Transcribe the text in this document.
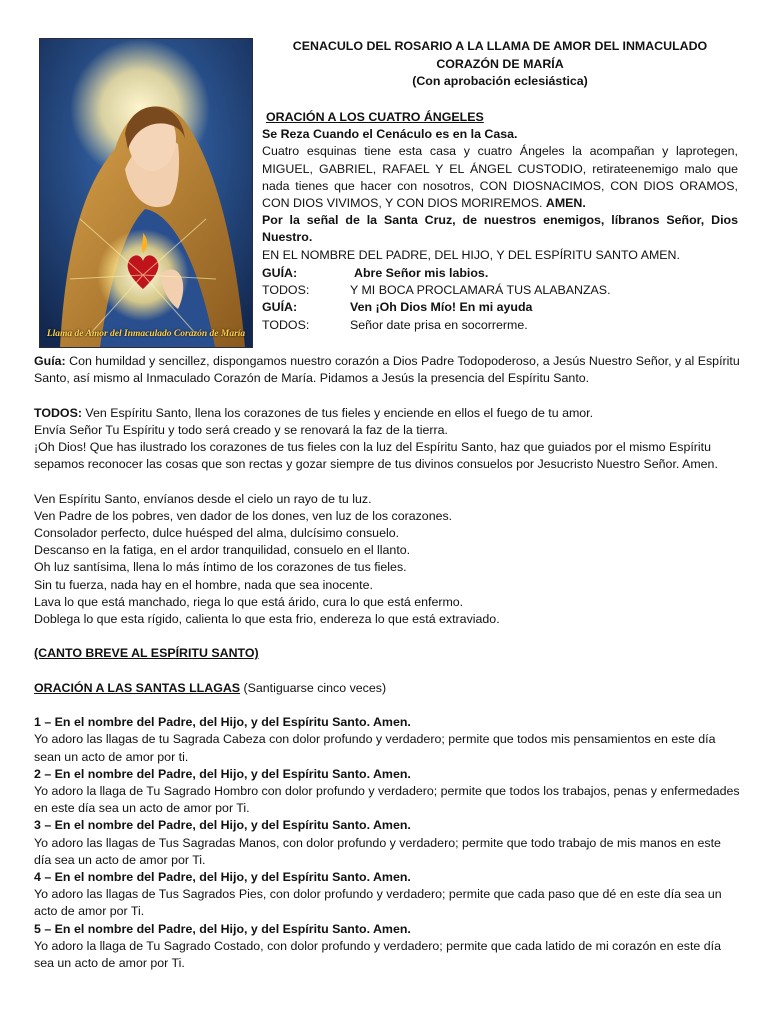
Llama de Amor del Inmaculado Corazón de María
CENACULO DEL ROSARIO A LA LLAMA DE AMOR DEL INMACULADO
CORAZÓN DE MARÍA
(Con aprobación eclesiástica)

ORACIÓN A LOS CUATRO ÁNGELES

Se Reza Cuando el Cenáculo es en la Casa.

Cuatro esquinas tiene esta casa y cuatro Ángeles la acompañan y laprotegen, MIGUEL, GABRIEL, RAFAEL Y EL ÁNGEL CUSTODIO, retirateenemigo malo que nada tienes que hacer con nosotros, CON DIOSNACIMOS, CON DIOS ORAMOS, CON DIOS VIVIMOS, Y CON DIOS MORIREMOS. AMEN.

Por la señal de la Santa Cruz, de nuestros enemigos, líbranos Señor, Dios Nuestro.

EN EL NOMBRE DEL PADRE, DEL HIJO, Y DEL ESPÍRITU SANTO AMEN.

GUÍA:	Abre Señor mis labios.
TODOS:	Y MI BOCA PROCLAMARÁ TUS ALABANZAS.
GUÍA:	Ven ¡Oh Dios Mío! En mi ayuda
TODOS:	Señor date prisa en socorrerme.

Guía: Con humildad y sencillez, dispongamos nuestro corazón a Dios Padre Todopoderoso, a Jesús Nuestro Señor, y al Espíritu Santo, así mismo al Inmaculado Corazón de María. Pidamos a Jesús la presencia del Espíritu Santo.

TODOS: Ven Espíritu Santo, llena los corazones de tus fieles y enciende en ellos el fuego de tu amor.

Envía Señor Tu Espíritu y todo será creado y se renovará la faz de la tierra.

¡Oh Dios! Que has ilustrado los corazones de tus fieles con la luz del Espíritu Santo, haz que guiados por el mismo Espíritu sepamos reconocer las cosas que son rectas y gozar siempre de tus divinos consuelos por Jesucristo Nuestro Señor. Amen.

Ven Espíritu Santo, envíanos desde el cielo un rayo de tu luz.

Ven Padre de los pobres, ven dador de los dones, ven luz de los corazones.

Consolador perfecto, dulce huésped del alma, dulcísimo consuelo.

Descanso en la fatiga, en el ardor tranquilidad, consuelo en el llanto.

Oh luz santísima, llena lo más íntimo de los corazones de tus fieles.

Sin tu fuerza, nada hay en el hombre, nada que sea inocente.

Lava lo que está manchado, riega lo que está árido, cura lo que está enfermo.

Doblega lo que esta rígido, calienta lo que esta frio, endereza lo que está extraviado.

(CANTO BREVE AL ESPÍRITU SANTO)

ORACIÓN A LAS SANTAS LLAGAS (Santiguarse cinco veces)

1 – En el nombre del Padre, del Hijo, y del Espíritu Santo. Amen.

Yo adoro las llagas de tu Sagrada Cabeza con dolor profundo y verdadero; permite que todos mis pensamientos en este día sean un acto de amor por ti.

2 – En el nombre del Padre, del Hijo, y del Espíritu Santo. Amen.

Yo adoro la llaga de Tu Sagrado Hombro con dolor profundo y verdadero; permite que todos los trabajos, penas y enfermedades en este día sea un acto de amor por Ti.

3 – En el nombre del Padre, del Hijo, y del Espíritu Santo. Amen.

Yo adoro las llagas de Tus Sagradas Manos, con dolor profundo y verdadero; permite que todo trabajo de mis manos en este día sea un acto de amor por Ti.

4 – En el nombre del Padre, del Hijo, y del Espíritu Santo. Amen.

Yo adoro las llagas de Tus Sagrados Pies, con dolor profundo y verdadero; permite que cada paso que dé en este día sea un acto de amor por Ti.

5 – En el nombre del Padre, del Hijo, y del Espíritu Santo. Amen.

Yo adoro la llaga de Tu Sagrado Costado, con dolor profundo y verdadero; permite que cada latido de mi corazón en este día sea un acto de amor por Ti.
